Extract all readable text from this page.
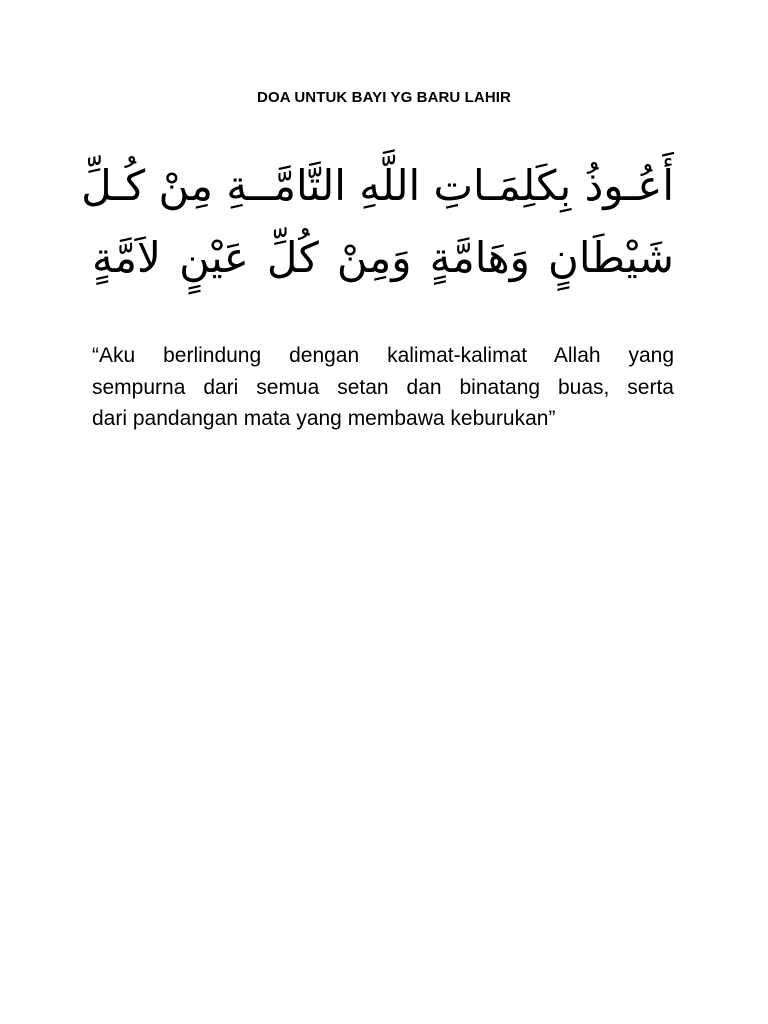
DOA UNTUK BAYI YG BARU LAHIR
أَعُـوذُ بِكَلِمَـاتِ اللَّهِ التَّامَّــةِ مِنْ كُـلِّ
شَيْطَانٍ وَهَامَّةٍ وَمِنْ كُلِّ عَيْنٍ لاَمَّةٍ
“Aku berlindung dengan kalimat-kalimat Allah yang
sempurna dari semua setan dan binatang buas, serta
dari pandangan mata yang membawa keburukan”
